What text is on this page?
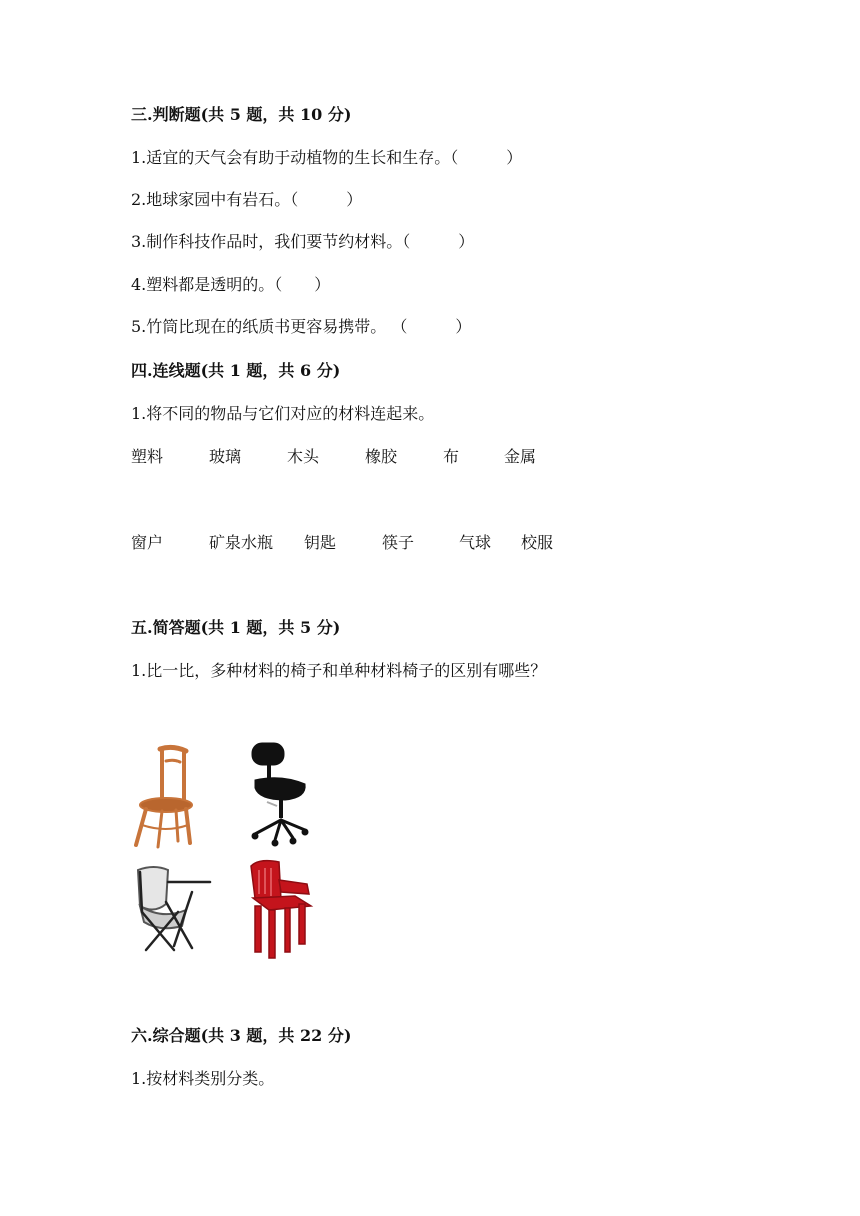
三.判断题(共 5 题，共 10 分)
1.适宜的天气会有助于动植物的生长和生存。（　　　）
2.地球家园中有岩石。（　　　）
3.制作科技作品时，我们要节约材料。（　　　）
4.塑料都是透明的。（　　）
5.竹筒比现在的纸质书更容易携带。 （　　　）
四.连线题(共 1 题，共 6 分)
1.将不同的物品与它们对应的材料连起来。
塑料	玻璃	木头	橡胶	布	金属
窗户	矿泉水瓶 钥匙	筷子	气球 校服
五.简答题(共 1 题，共 5 分)
1.比一比，多种材料的椅子和单种材料椅子的区别有哪些？
六.综合题(共 3 题，共 22 分)
1.按材料类别分类。
